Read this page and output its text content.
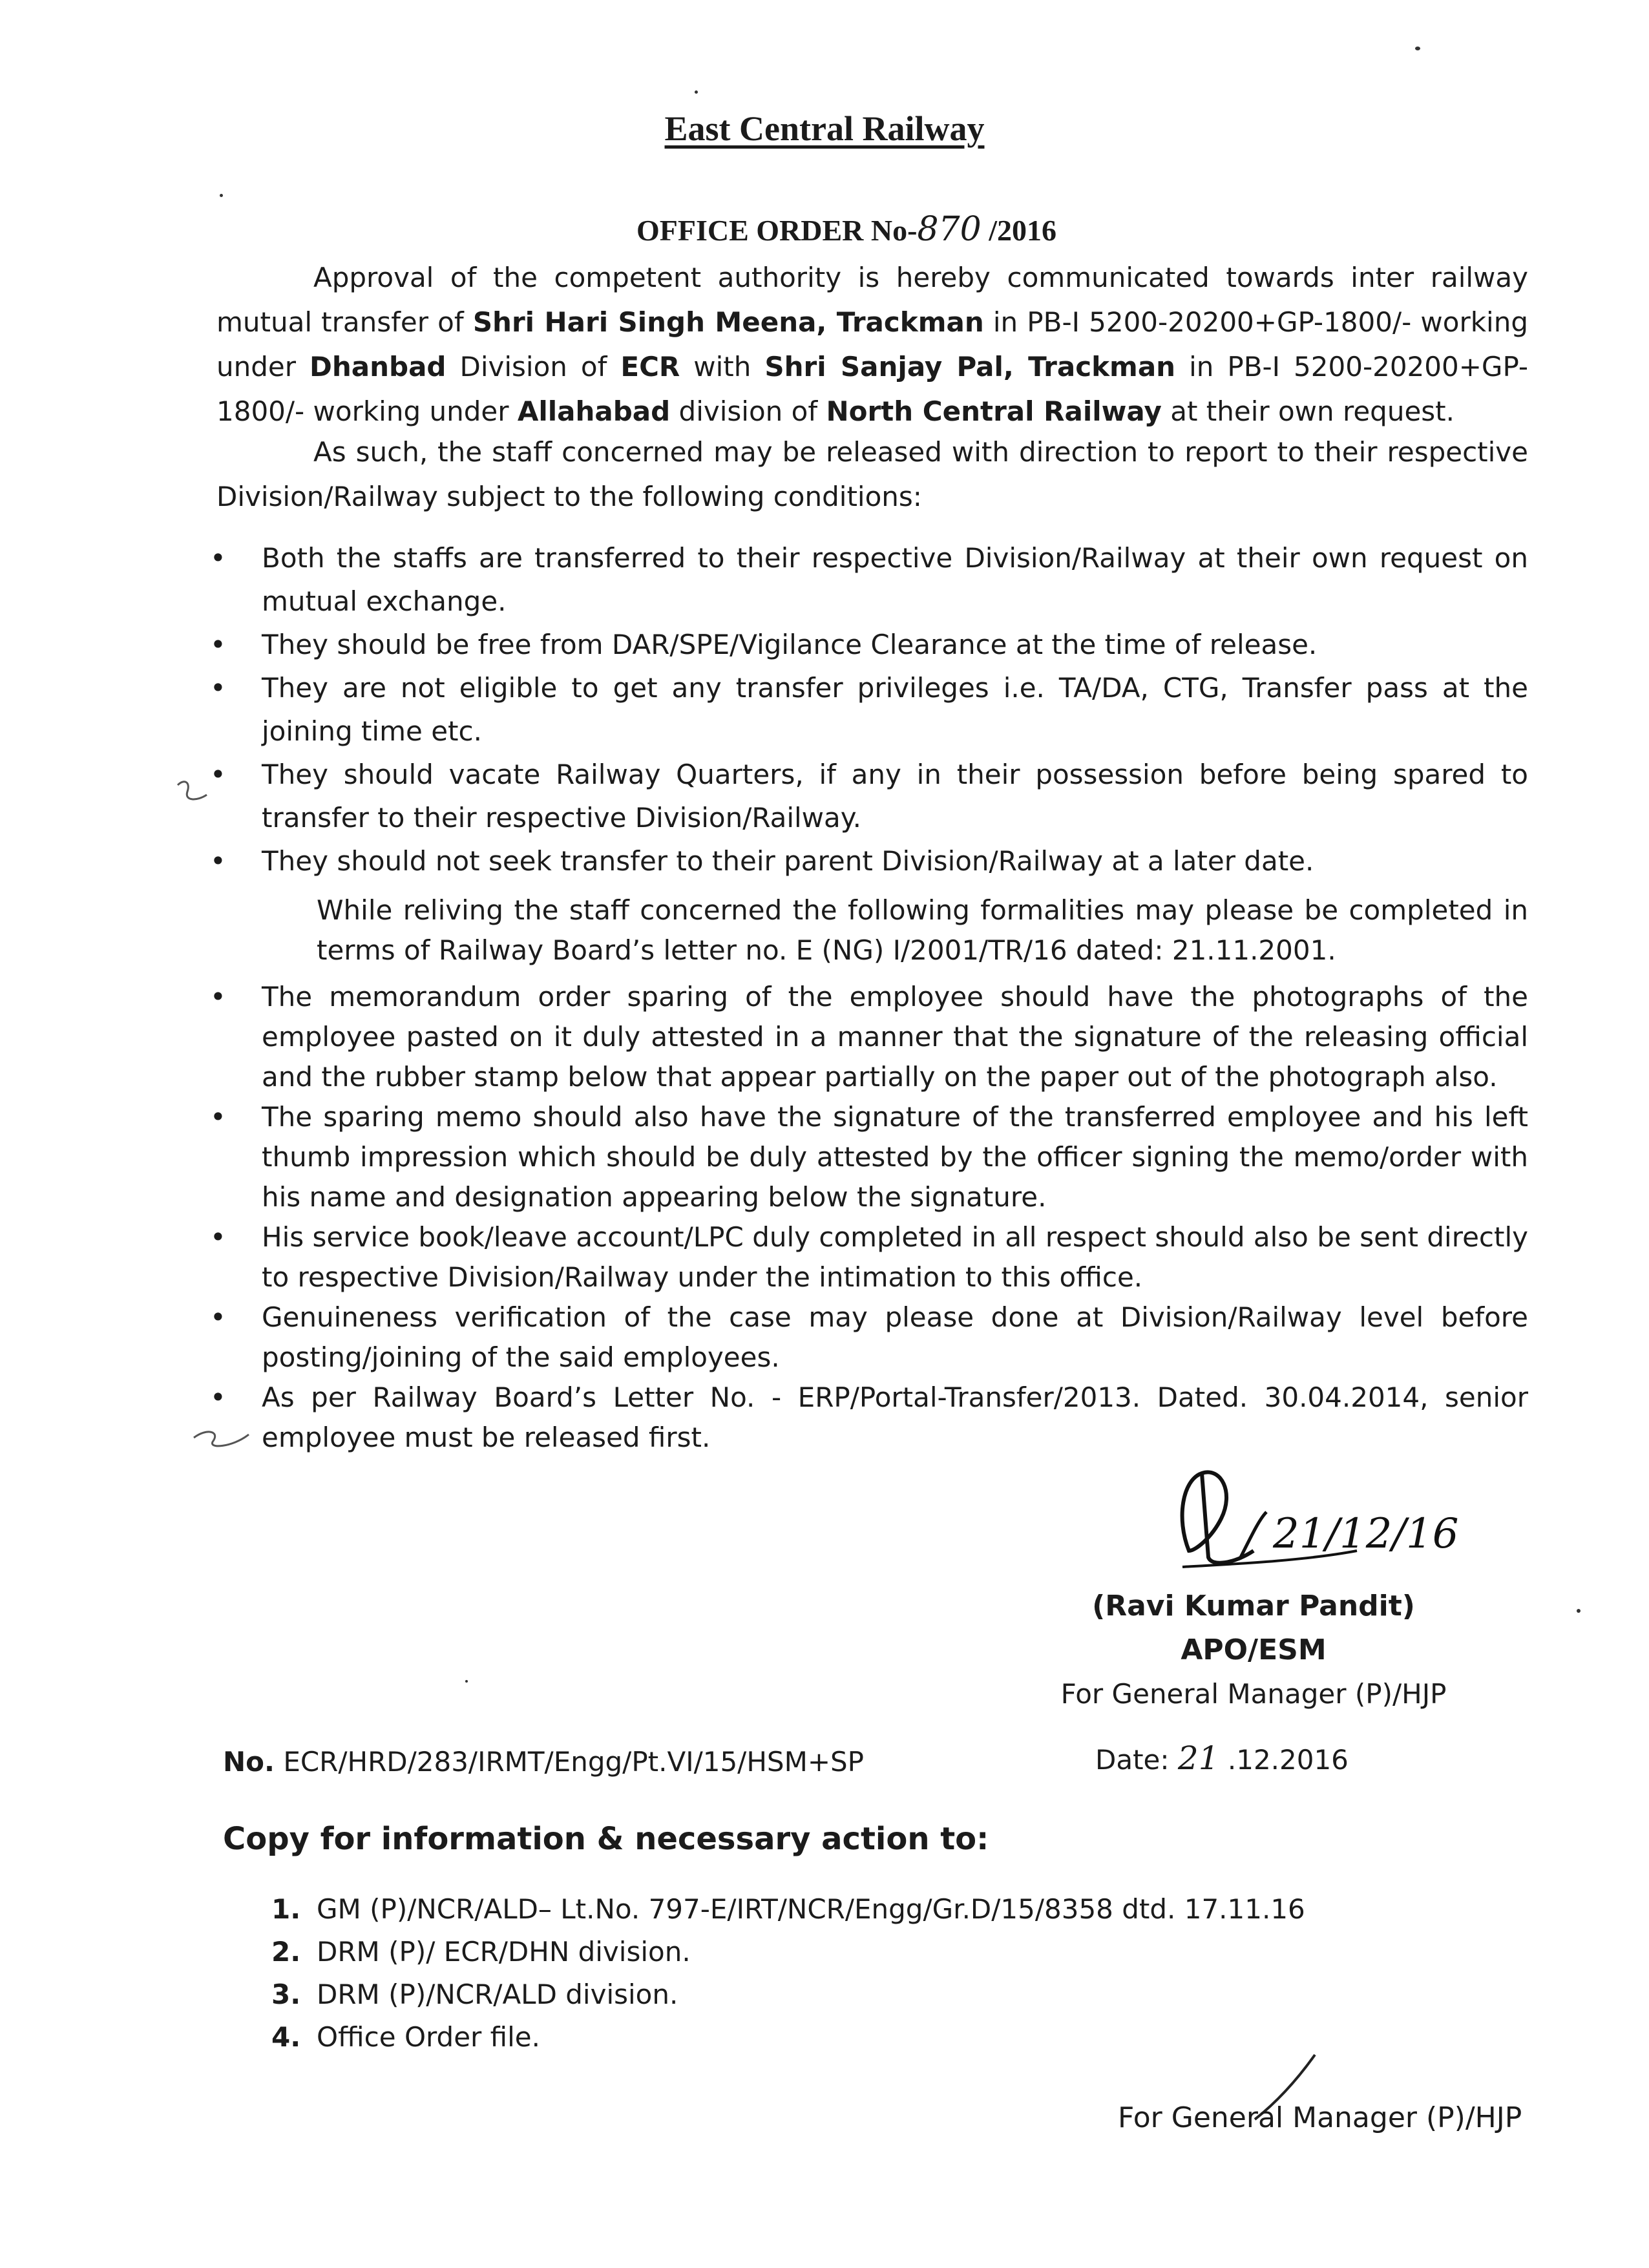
East Central Railway
OFFICE ORDER No-870 /2016
Approval of the competent authority is hereby communicated towards inter railway mutual transfer of Shri Hari Singh Meena, Trackman in PB-I 5200-20200+GP-1800/- working under Dhanbad Division of ECR with Shri Sanjay Pal, Trackman in PB-I 5200-20200+GP-1800/- working under Allahabad division of North Central Railway at their own request.
As such, the staff concerned may be released with direction to report to their respective Division/Railway subject to the following conditions:

• Both the staffs are transferred to their respective Division/Railway at their own request on mutual exchange.

• They should be free from DAR/SPE/Vigilance Clearance at the time of release.

• They are not eligible to get any transfer privileges i.e. TA/DA, CTG, Transfer pass at the joining time etc.

• They should vacate Railway Quarters, if any in their possession before being spared to transfer to their respective Division/Railway.

• They should not seek transfer to their parent Division/Railway at a later date.

While reliving the staff concerned the following formalities may please be completed in terms of Railway Board’s letter no. E (NG) I/2001/TR/16 dated: 21.11.2001.

• The memorandum order sparing of the employee should have the photographs of the employee pasted on it duly attested in a manner that the signature of the releasing official and the rubber stamp below that appear partially on the paper out of the photograph also.

• The sparing memo should also have the signature of the transferred employee and his left thumb impression which should be duly attested by the officer signing the memo/order with his name and designation appearing below the signature.

• His service book/leave account/LPC duly completed in all respect should also be sent directly to respective Division/Railway under the intimation to this office.

• Genuineness verification of the case may please done at Division/Railway level before posting/joining of the said employees.

• As per Railway Board’s Letter No. - ERP/Portal-Transfer/2013. Dated. 30.04.2014, senior employee must be released first.

21/12/16
(Ravi Kumar Pandit)
APO/ESM
For General Manager (P)/HJP
No. ECR/HRD/283/IRMT/Engg/Pt.VI/15/HSM+SP	Date: 21 .12.2016
Copy for information & necessary action to:
1. GM (P)/NCR/ALD– Lt.No. 797-E/IRT/NCR/Engg/Gr.D/15/8358 dtd. 17.11.16
2. DRM (P)/ ECR/DHN division.
3. DRM (P)/NCR/ALD division.
4. Office Order file.
For General Manager (P)/HJP
